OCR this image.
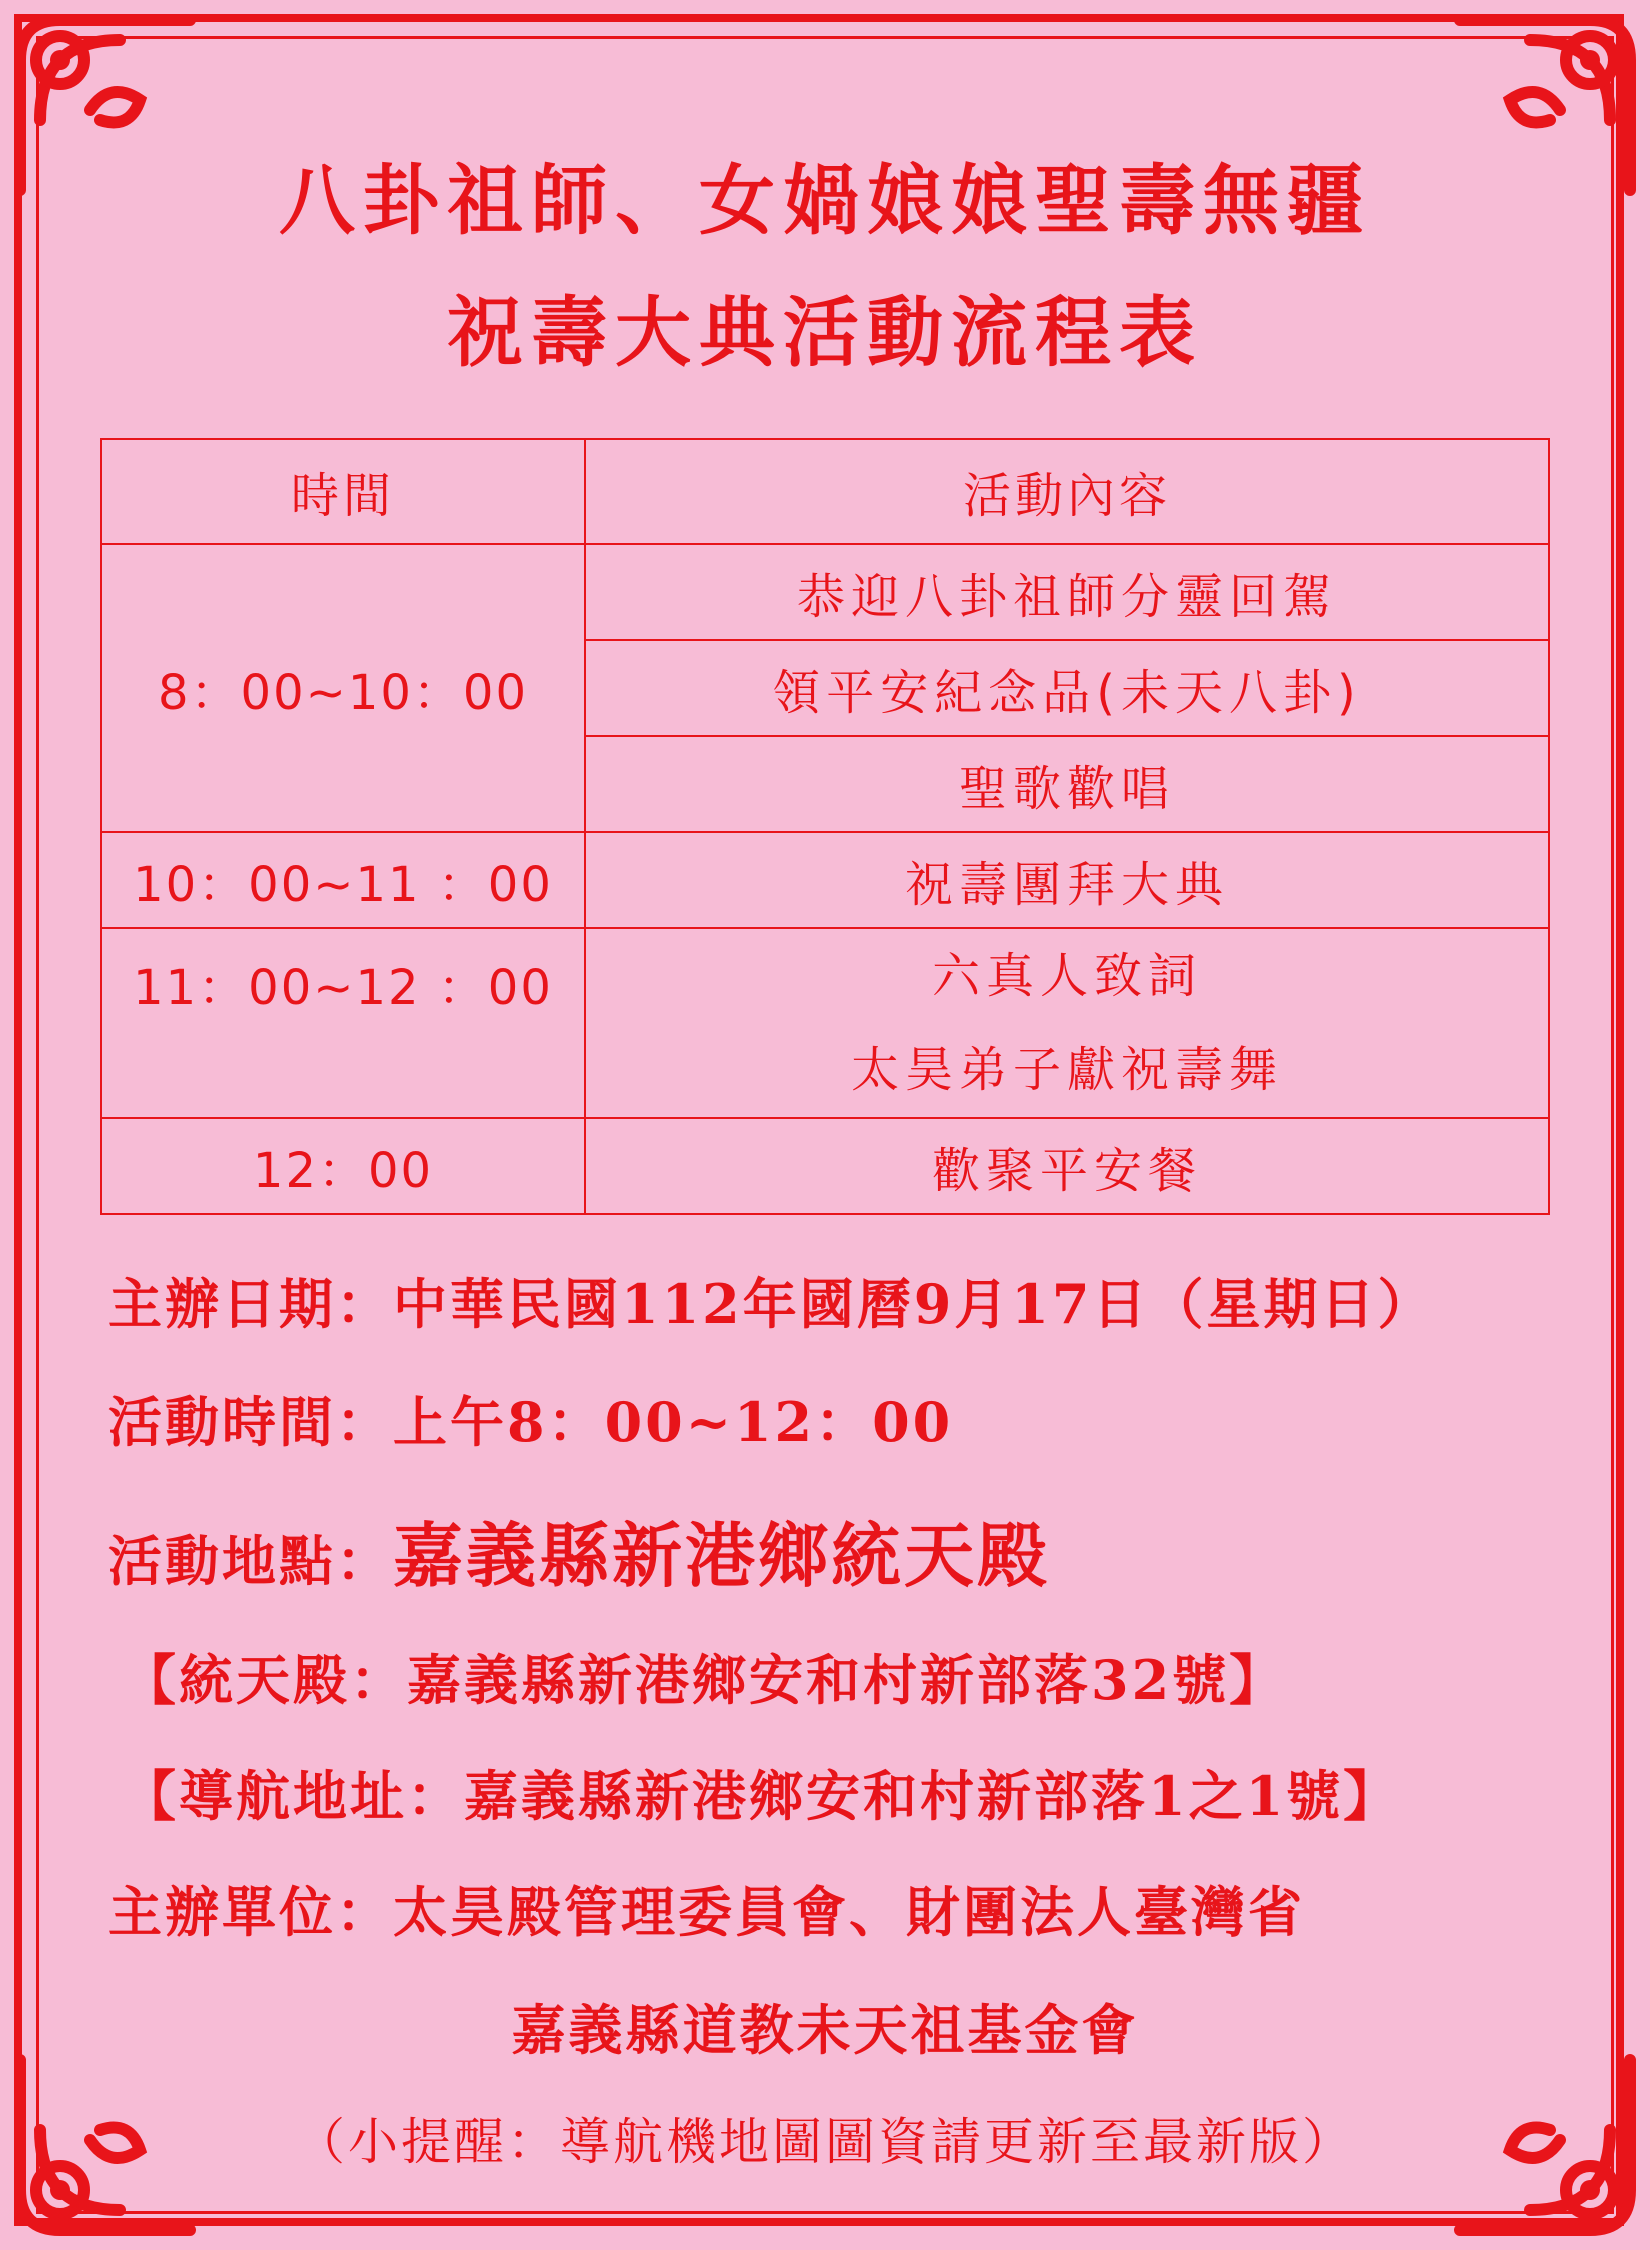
八卦祖師、女媧娘娘聖壽無疆
祝壽大典活動流程表
時間	活動內容
8：00~10：00	恭迎八卦祖師分靈回駕
	領平安紀念品(未天八卦)
	聖歌歡唱
10：00~11 ：00	祝壽團拜大典
11：00~12 ：00	六真人致詞
太昊弟子獻祝壽舞

12：00	歡聚平安餐
主辦日期：中華民國112年國曆9月17日（星期日）
活動時間：上午8：00~12：00
活動地點：嘉義縣新港鄉統天殿
【統天殿：嘉義縣新港鄉安和村新部落32號】
【導航地址：嘉義縣新港鄉安和村新部落1之1號】
主辦單位：太昊殿管理委員會、財團法人臺灣省
嘉義縣道教未天祖基金會
（小提醒：導航機地圖圖資請更新至最新版）
